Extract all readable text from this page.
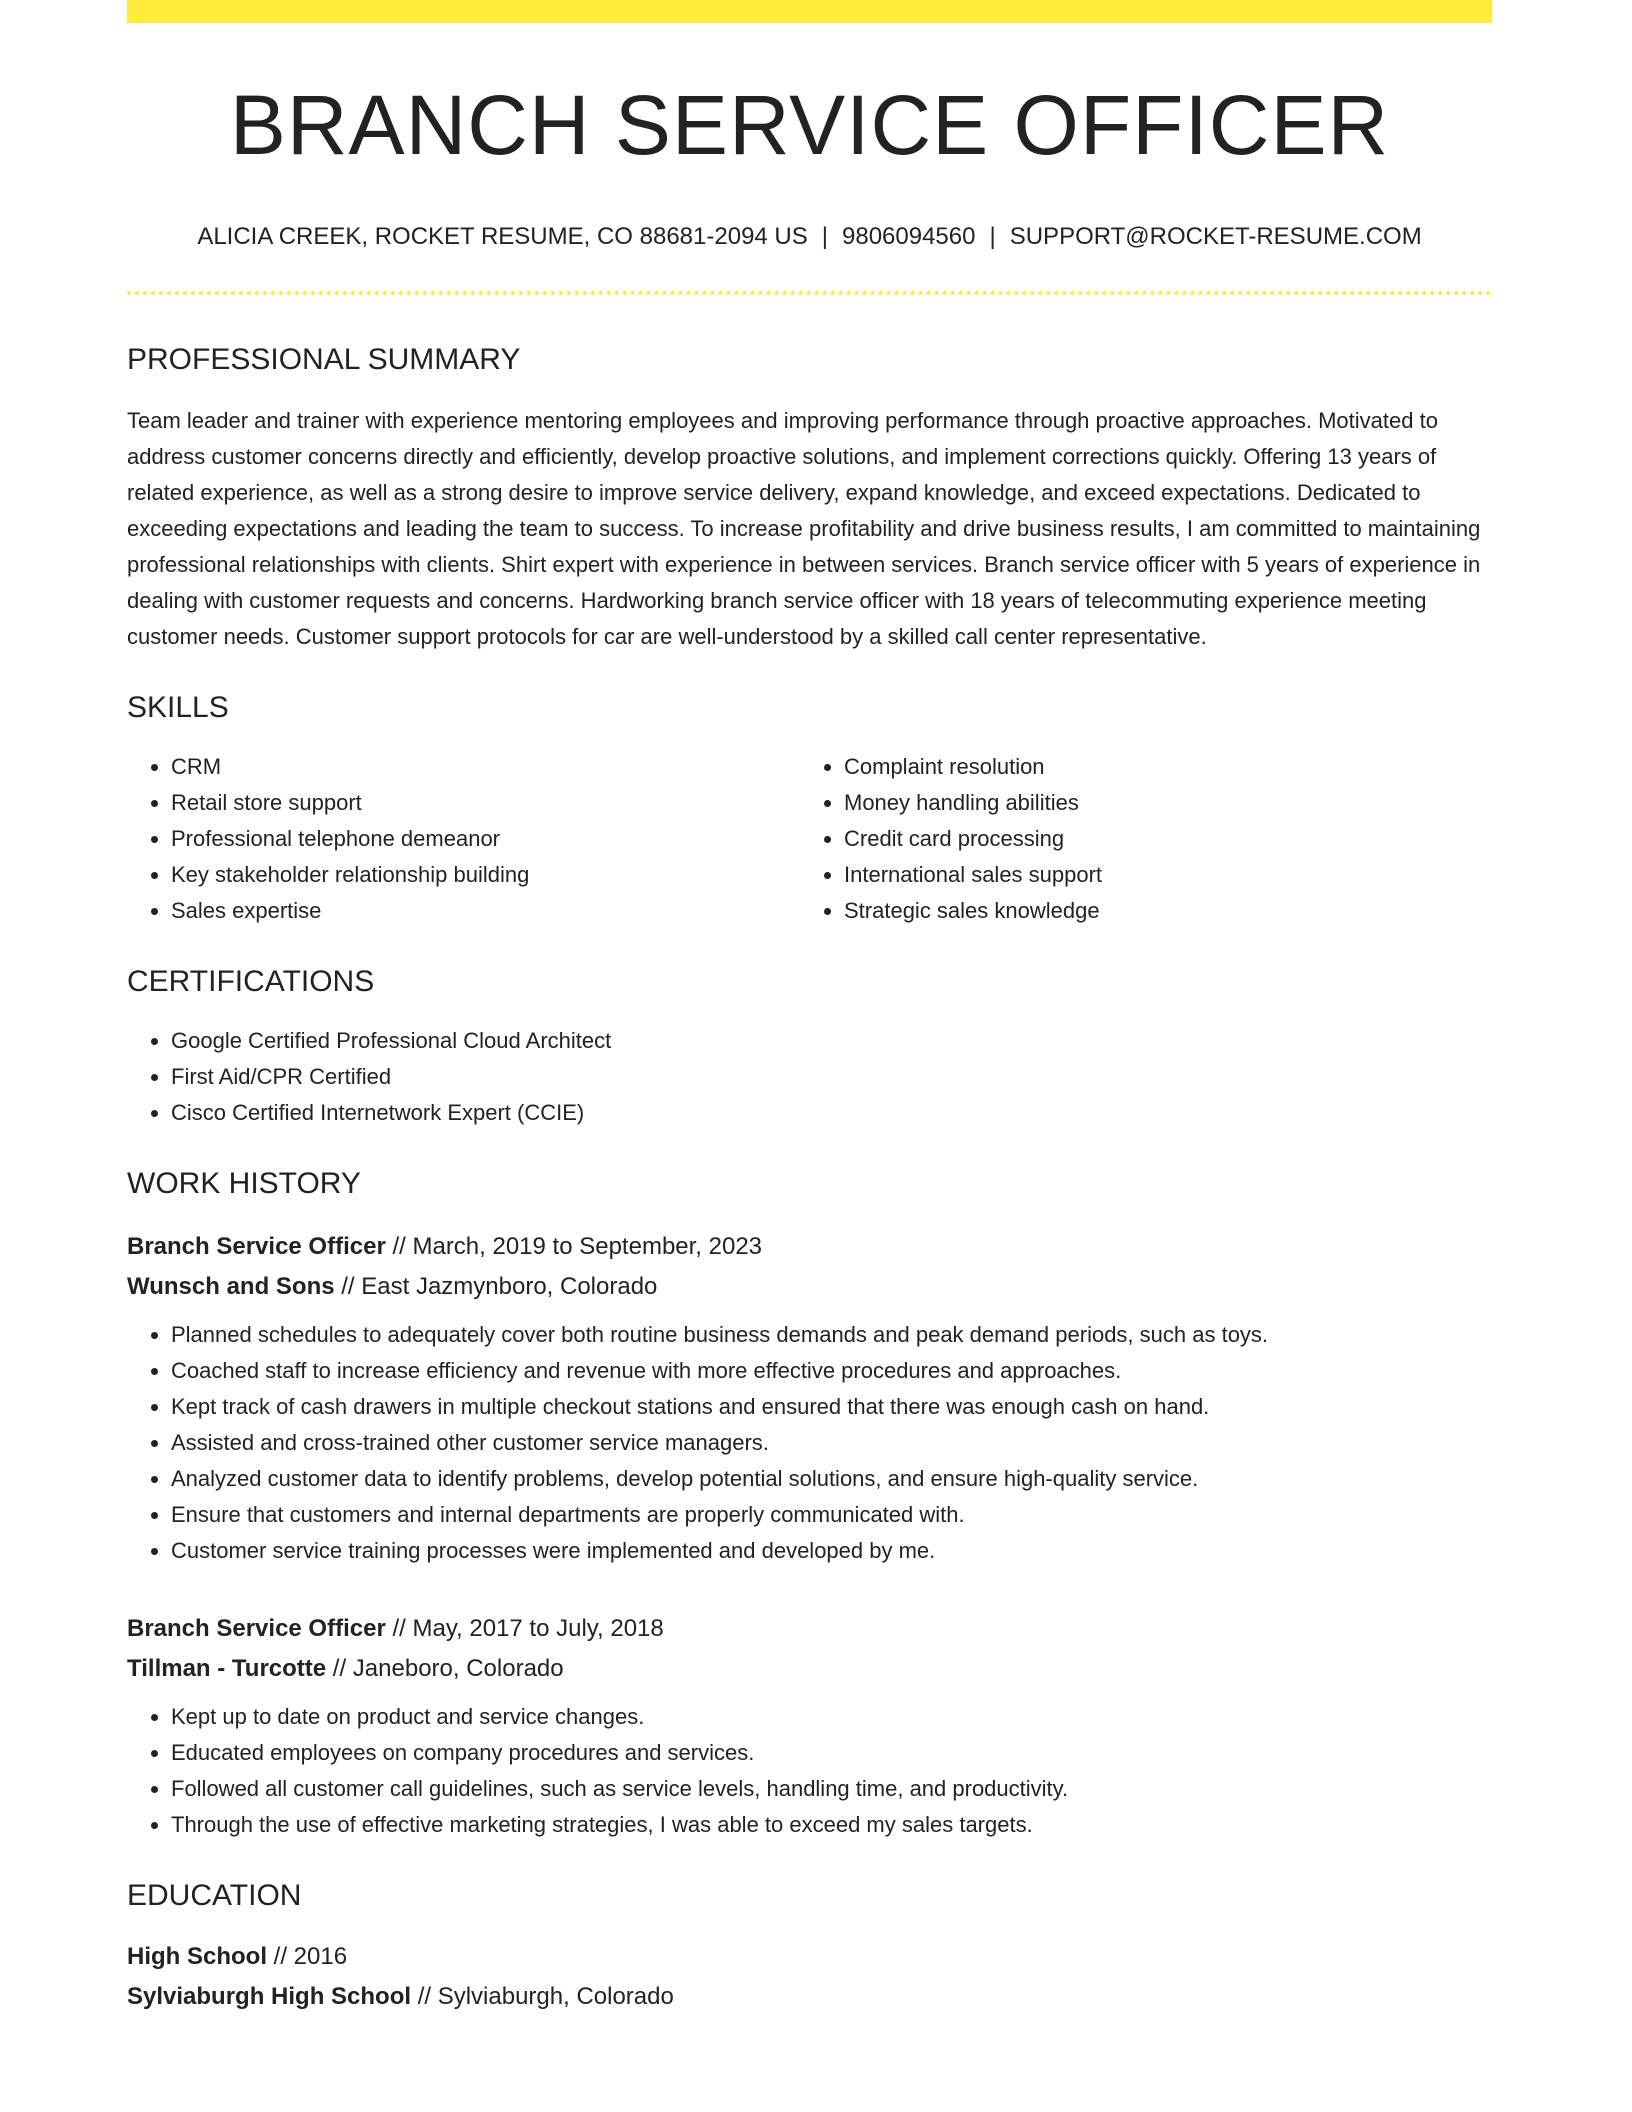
BRANCH SERVICE OFFICER
ALICIA CREEK, ROCKET RESUME, CO 88681-2094 US | 9806094560 | SUPPORT@ROCKET-RESUME.COM
PROFESSIONAL SUMMARY

Team leader and trainer with experience mentoring employees and improving performance through proactive approaches. Motivated to address customer concerns directly and efficiently, develop proactive solutions, and implement corrections quickly. Offering 13 years of related experience, as well as a strong desire to improve service delivery, expand knowledge, and exceed expectations. Dedicated to exceeding expectations and leading the team to success. To increase profitability and drive business results, I am committed to maintaining professional relationships with clients. Shirt expert with experience in between services. Branch service officer with 5 years of experience in dealing with customer requests and concerns. Hardworking branch service officer with 18 years of telecommuting experience meeting customer needs. Customer support protocols for car are well-understood by a skilled call center representative.

SKILLS
• CRM
• Retail store support
• Professional telephone demeanor
• Key stakeholder relationship building
• Sales expertise
• Complaint resolution
• Money handling abilities
• Credit card processing
• International sales support
• Strategic sales knowledge
CERTIFICATIONS
• Google Certified Professional Cloud Architect
• First Aid/CPR Certified
• Cisco Certified Internetwork Expert (CCIE)
WORK HISTORY
Branch Service Officer // March, 2019 to September, 2023
Wunsch and Sons // East Jazmynboro, Colorado
• Planned schedules to adequately cover both routine business demands and peak demand periods, such as toys.
• Coached staff to increase efficiency and revenue with more effective procedures and approaches.
• Kept track of cash drawers in multiple checkout stations and ensured that there was enough cash on hand.
• Assisted and cross-trained other customer service managers.
• Analyzed customer data to identify problems, develop potential solutions, and ensure high-quality service.
• Ensure that customers and internal departments are properly communicated with.
• Customer service training processes were implemented and developed by me.
Branch Service Officer // May, 2017 to July, 2018
Tillman - Turcotte // Janeboro, Colorado
• Kept up to date on product and service changes.
• Educated employees on company procedures and services.
• Followed all customer call guidelines, such as service levels, handling time, and productivity.
• Through the use of effective marketing strategies, I was able to exceed my sales targets.
EDUCATION
High School // 2016
Sylviaburgh High School // Sylviaburgh, Colorado
